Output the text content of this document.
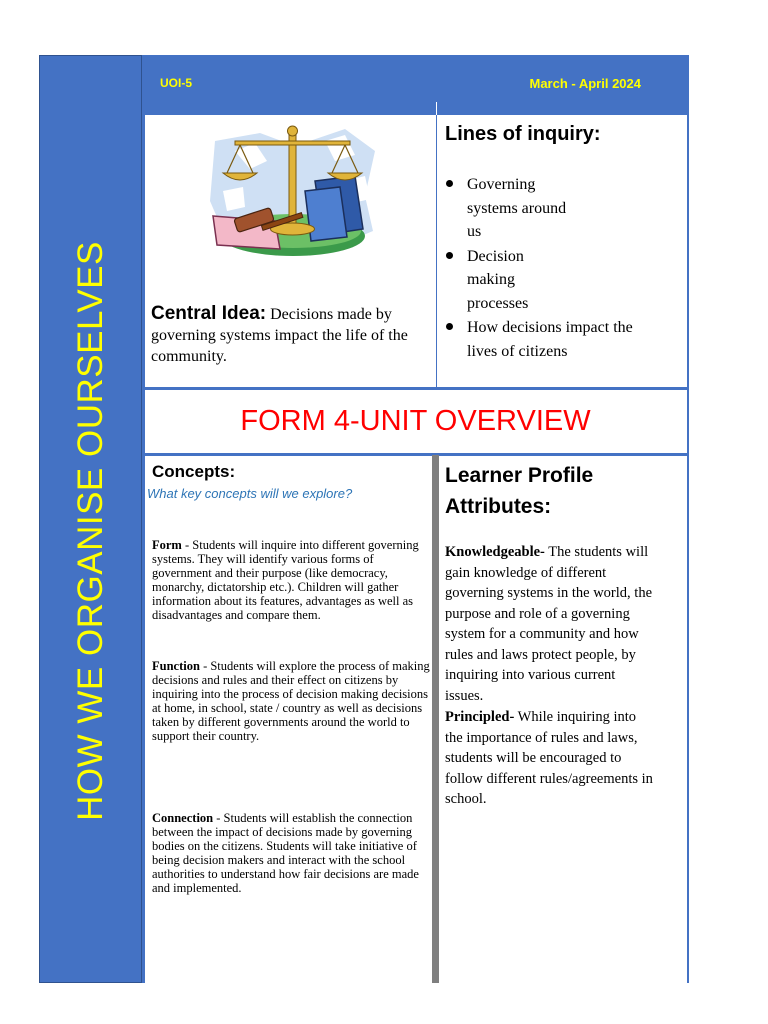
HOW WE ORGANISE OURSELVES
UOI-5	March - April 2024
Central Idea: Decisions made by governing systems impact the life of the community.
Lines of inquiry:
Governing systems around us
Decision making processes
How decisions impact the lives of citizens
FORM 4-UNIT OVERVIEW
Concepts:
What key concepts will we explore?
Form - Students will inquire into different governing systems. They will identify various forms of government and their purpose (like democracy, monarchy, dictatorship etc.). Children will gather information about its features, advantages as well as disadvantages and compare them.
Function - Students will explore the process of making decisions and rules and their effect on citizens by inquiring into the process of decision making decisions at home, in school, state / country as well as decisions taken by different governments around the world to support their country.
Connection - Students will establish the connection between the impact of decisions made by governing bodies on the citizens. Students will take initiative of being decision makers and interact with the school authorities to understand how fair decisions are made and implemented.
Learner Profile Attributes:
Knowledgeable- The students will gain knowledge of different governing systems in the world, the purpose and role of a governing system for a community and how rules and laws protect people, by inquiring into various current issues.
Principled- While inquiring into the importance of rules and laws, students will be encouraged to follow different rules/agreements in school.
